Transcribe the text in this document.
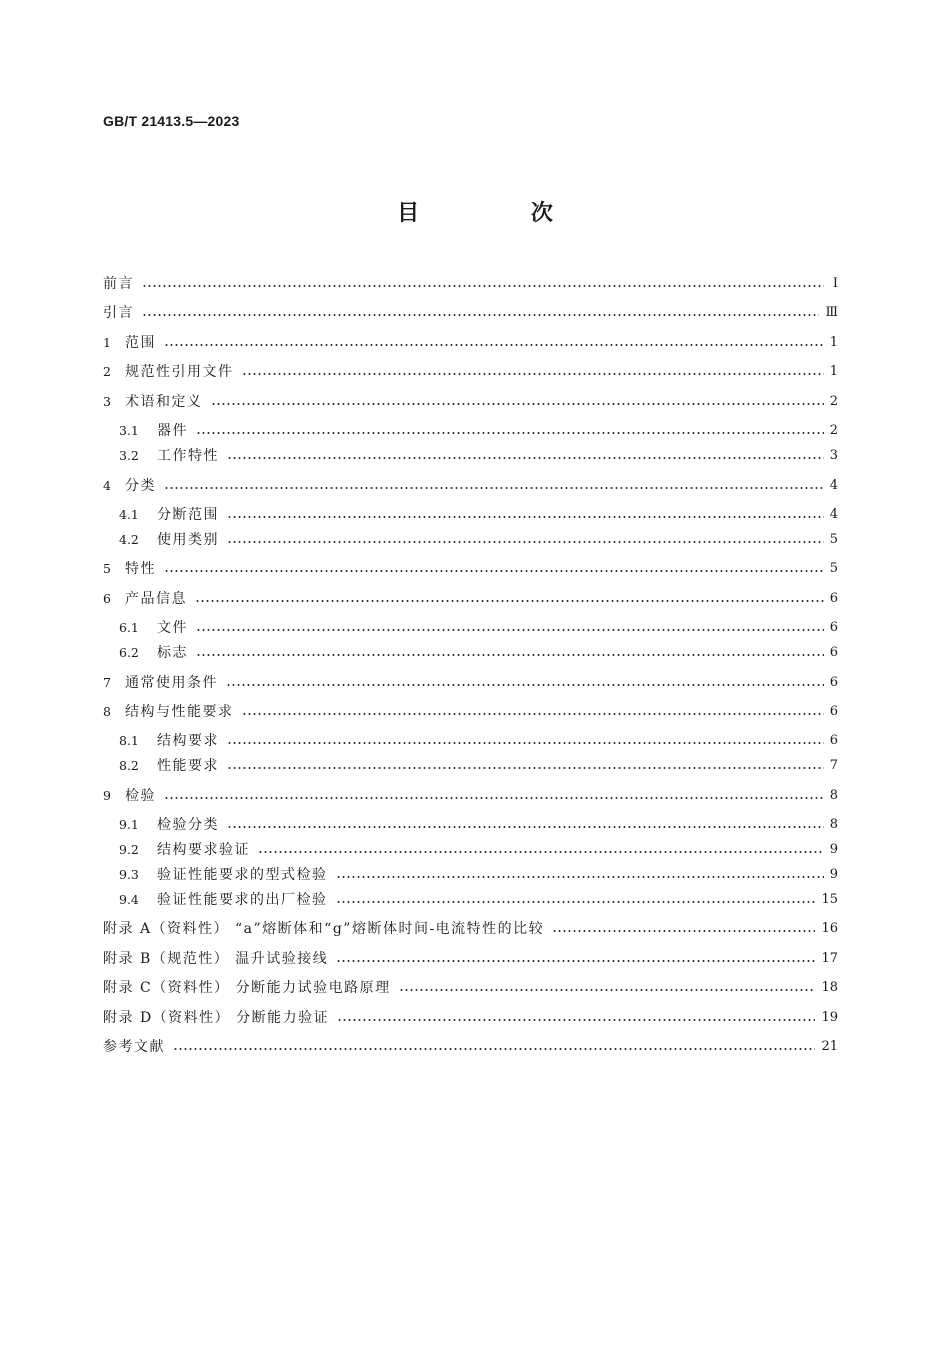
GB/T 21413.5—2023
目 次
前言	Ⅰ
引言	Ⅲ
1	范围	1
2	规范性引用文件	1
3	术语和定义	2
3.1	器件	2
3.2	工作特性	3
4	分类	4
4.1	分断范围	4
4.2	使用类别	5
5	特性	5
6	产品信息	6
6.1	文件	6
6.2	标志	6
7	通常使用条件	6
8	结构与性能要求	6
8.1	结构要求	6
8.2	性能要求	7
9	检验	8
9.1	检验分类	8
9.2	结构要求验证	9
9.3	验证性能要求的型式检验	9
9.4	验证性能要求的出厂检验	15
附录 A（资料性） “a”熔断体和“g”熔断体时间-电流特性的比较	16
附录 B（规范性） 温升试验接线	17
附录 C（资料性） 分断能力试验电路原理	18
附录 D（资料性） 分断能力验证	19
参考文献	21
